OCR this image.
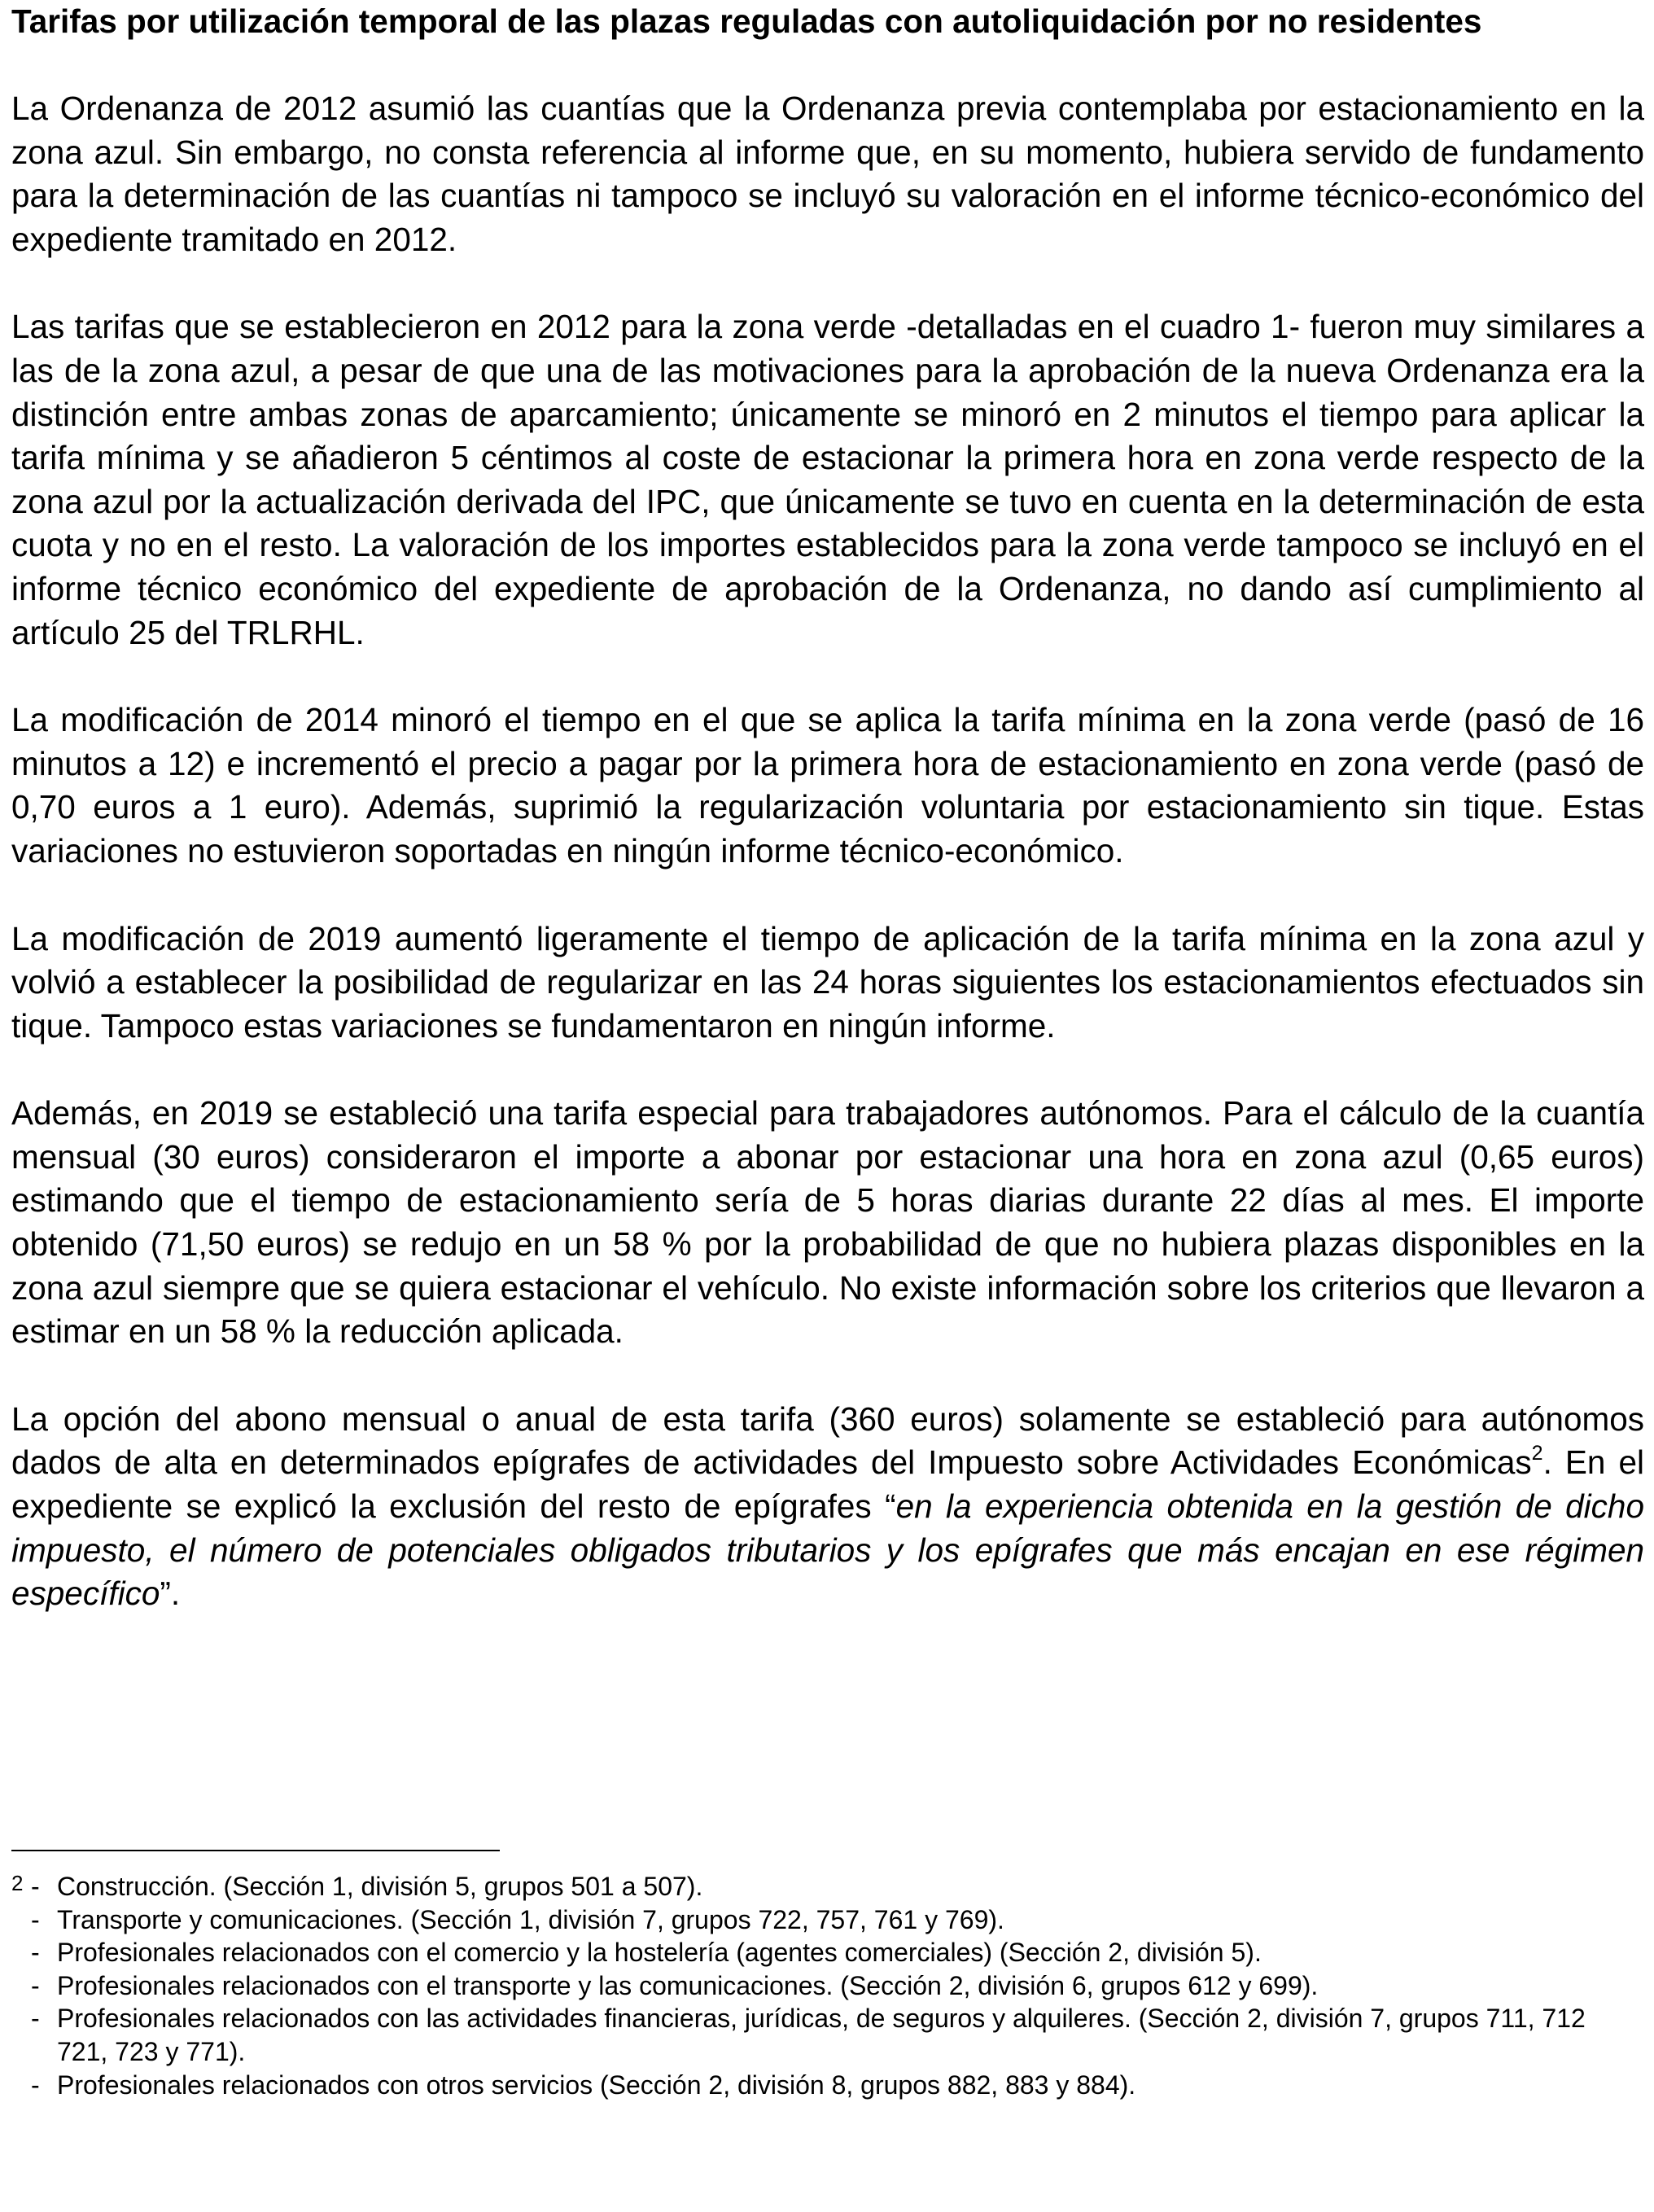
Tarifas por utilización temporal de las plazas reguladas con autoliquidación por no residentes

La Ordenanza de 2012 asumió las cuantías que la Ordenanza previa contemplaba por estacionamiento en la zona azul. Sin embargo, no consta referencia al informe que, en su momento, hubiera servido de fundamento para la determinación de las cuantías ni tampoco se incluyó su valoración en el informe técnico-económico del expediente tramitado en 2012.

Las tarifas que se establecieron en 2012 para la zona verde -detalladas en el cuadro 1- fueron muy similares a las de la zona azul, a pesar de que una de las motivaciones para la aprobación de la nueva Ordenanza era la distinción entre ambas zonas de aparcamiento; únicamente se minoró en 2 minutos el tiempo para aplicar la tarifa mínima y se añadieron 5 céntimos al coste de estacionar la primera hora en zona verde respecto de la zona azul por la actualización derivada del IPC, que únicamente se tuvo en cuenta en la determinación de esta cuota y no en el resto. La valoración de los importes establecidos para la zona verde tampoco se incluyó en el informe técnico económico del expediente de aprobación de la Ordenanza, no dando así cumplimiento al artículo 25 del TRLRHL.

La modificación de 2014 minoró el tiempo en el que se aplica la tarifa mínima en la zona verde (pasó de 16 minutos a 12) e incrementó el precio a pagar por la primera hora de estacionamiento en zona verde (pasó de 0,70 euros a 1 euro). Además, suprimió la regularización voluntaria por estacionamiento sin tique. Estas variaciones no estuvieron soportadas en ningún informe técnico-económico.

La modificación de 2019 aumentó ligeramente el tiempo de aplicación de la tarifa mínima en la zona azul y volvió a establecer la posibilidad de regularizar en las 24 horas siguientes los estacionamientos efectuados sin tique. Tampoco estas variaciones se fundamentaron en ningún informe.

Además, en 2019 se estableció una tarifa especial para trabajadores autónomos. Para el cálculo de la cuantía mensual (30 euros) consideraron el importe a abonar por estacionar una hora en zona azul (0,65 euros) estimando que el tiempo de estacionamiento sería de 5 horas diarias durante 22 días al mes. El importe obtenido (71,50 euros) se redujo en un 58 % por la probabilidad de que no hubiera plazas disponibles en la zona azul siempre que se quiera estacionar el vehículo. No existe información sobre los criterios que llevaron a estimar en un 58 % la reducción aplicada.

La opción del abono mensual o anual de esta tarifa (360 euros) solamente se estableció para autónomos dados de alta en determinados epígrafes de actividades del Impuesto sobre Actividades Económicas$^2$. En el expediente se explicó la exclusión del resto de epígrafes “en la experiencia obtenida en la gestión de dicho impuesto, el número de potenciales obligados tributarios y los epígrafes que más encajan en ese régimen específico”.

2 - Construcción. (Sección 1, división 5, grupos 501 a 507).
- Transporte y comunicaciones. (Sección 1, división 7, grupos 722, 757, 761 y 769).
- Profesionales relacionados con el comercio y la hostelería (agentes comerciales) (Sección 2, división 5).
- Profesionales relacionados con el transporte y las comunicaciones. (Sección 2, división 6, grupos 612 y 699).
- Profesionales relacionados con las actividades financieras, jurídicas, de seguros y alquileres. (Sección 2, división 7, grupos 711, 712 721, 723 y 771).
- Profesionales relacionados con otros servicios (Sección 2, división 8, grupos 882, 883 y 884).
